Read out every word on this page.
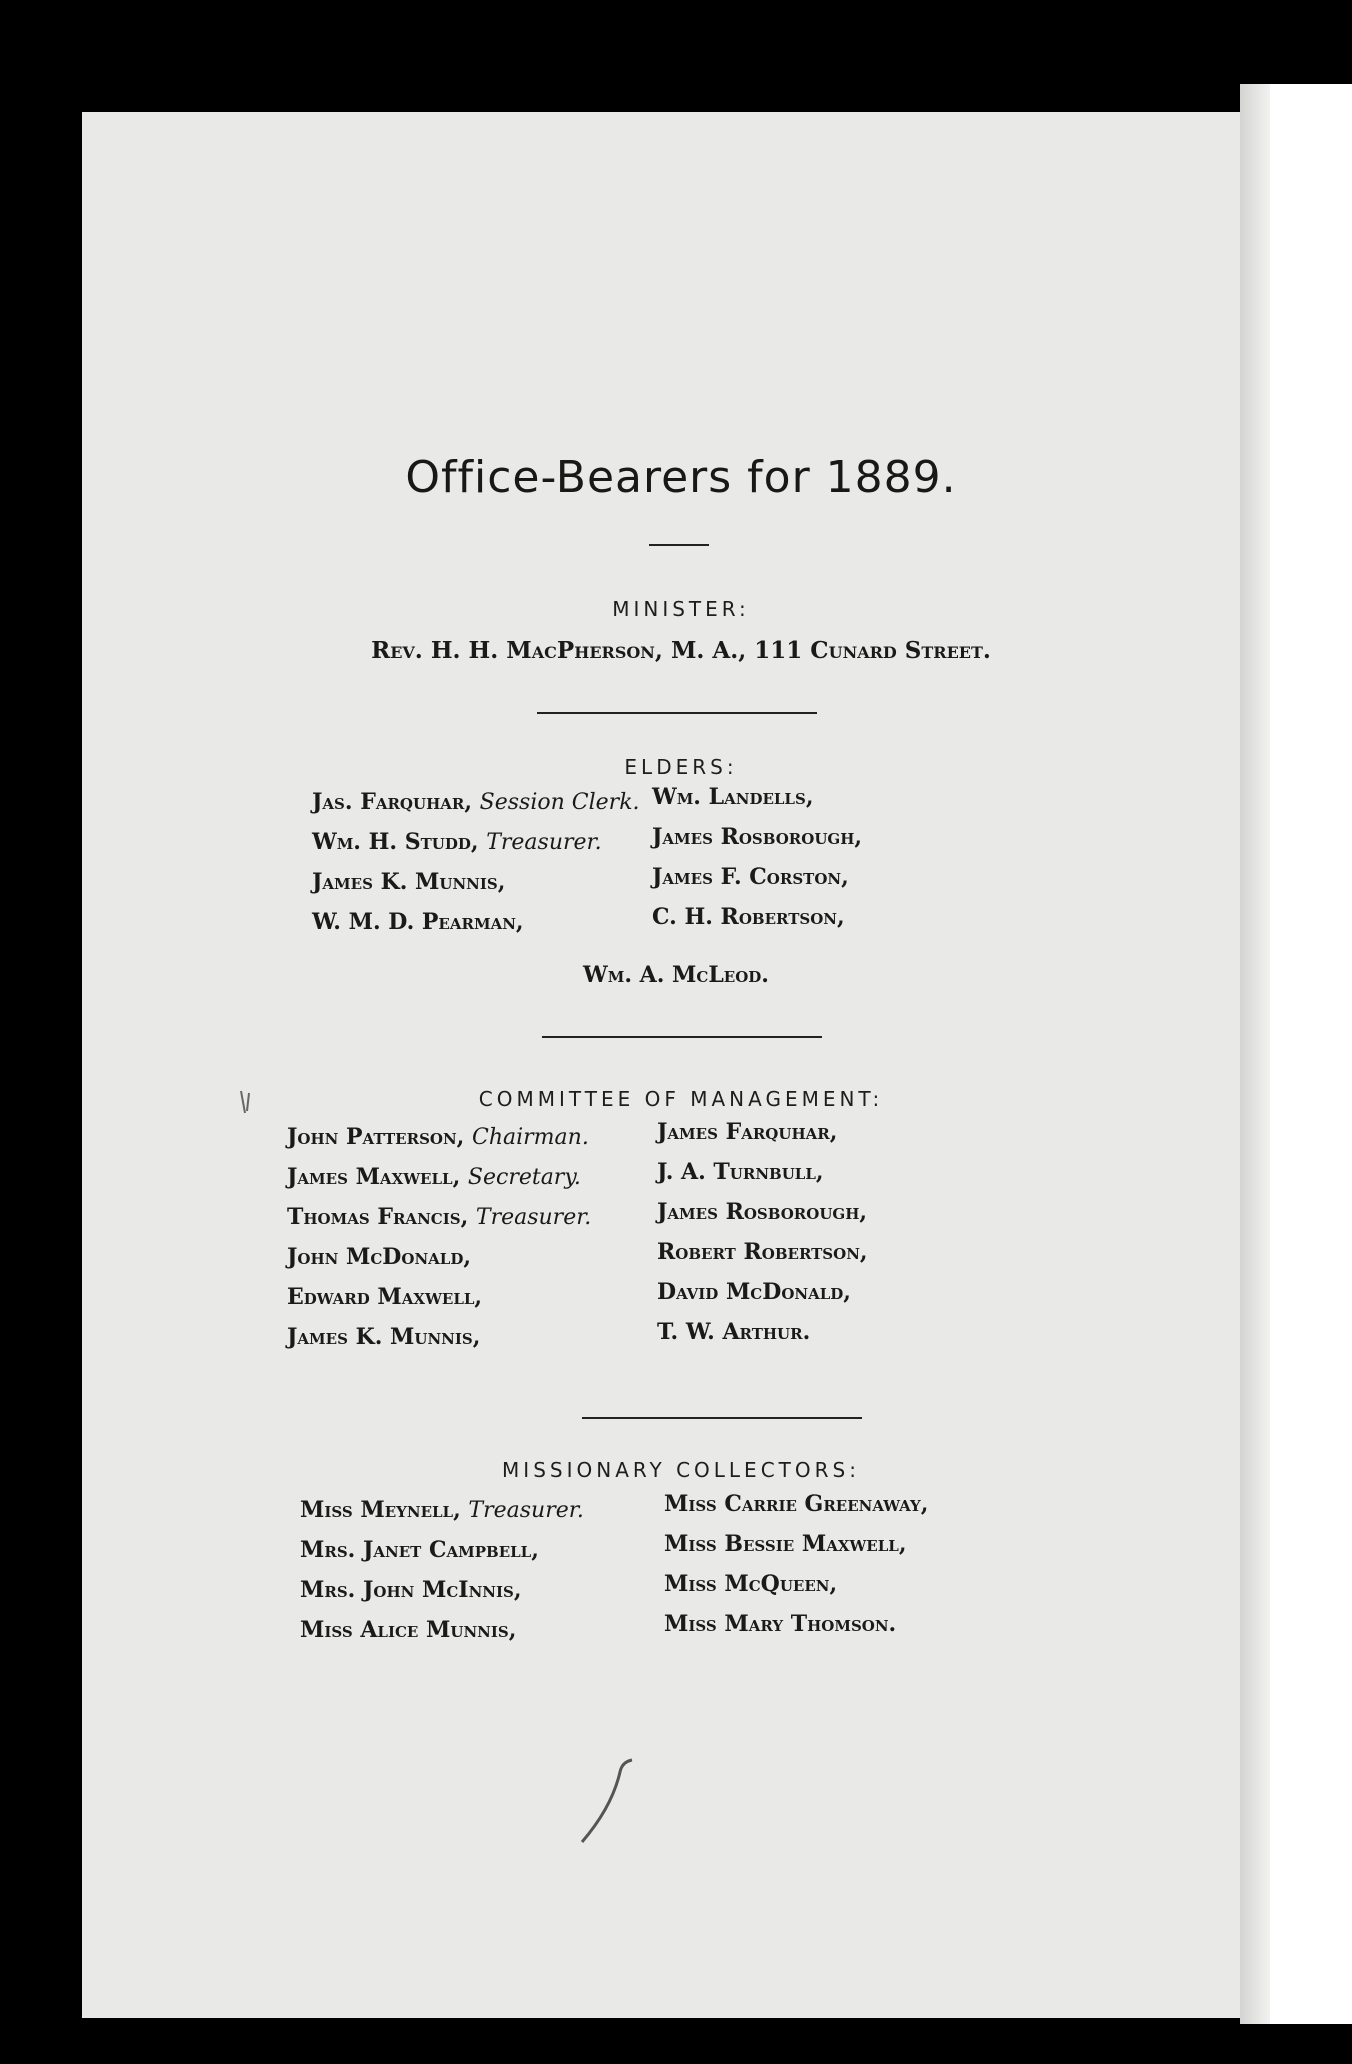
Office-Bearers for 1889.
MINISTER:
Rev. H. H. MacPherson, M. A., 111 Cunard Street.
ELDERS:
Jas. Farquhar, Session Clerk.
Wm. H. Studd, Treasurer.
James K. Munnis,
W. M. D. Pearman,
Wm. Landells,
James Rosborough,
James F. Corston,
C. H. Robertson,
Wm. A. McLeod.
COMMITTEE OF MANAGEMENT:
John Patterson, Chairman.
James Maxwell, Secretary.
Thomas Francis, Treasurer.
John McDonald,
Edward Maxwell,
James K. Munnis,
James Farquhar,
J. A. Turnbull,
James Rosborough,
Robert Robertson,
David McDonald,
T. W. Arthur.
MISSIONARY COLLECTORS:
Miss Meynell, Treasurer.
Mrs. Janet Campbell,
Mrs. John McInnis,
Miss Alice Munnis,
Miss Carrie Greenaway,
Miss Bessie Maxwell,
Miss McQueen,
Miss Mary Thomson.
